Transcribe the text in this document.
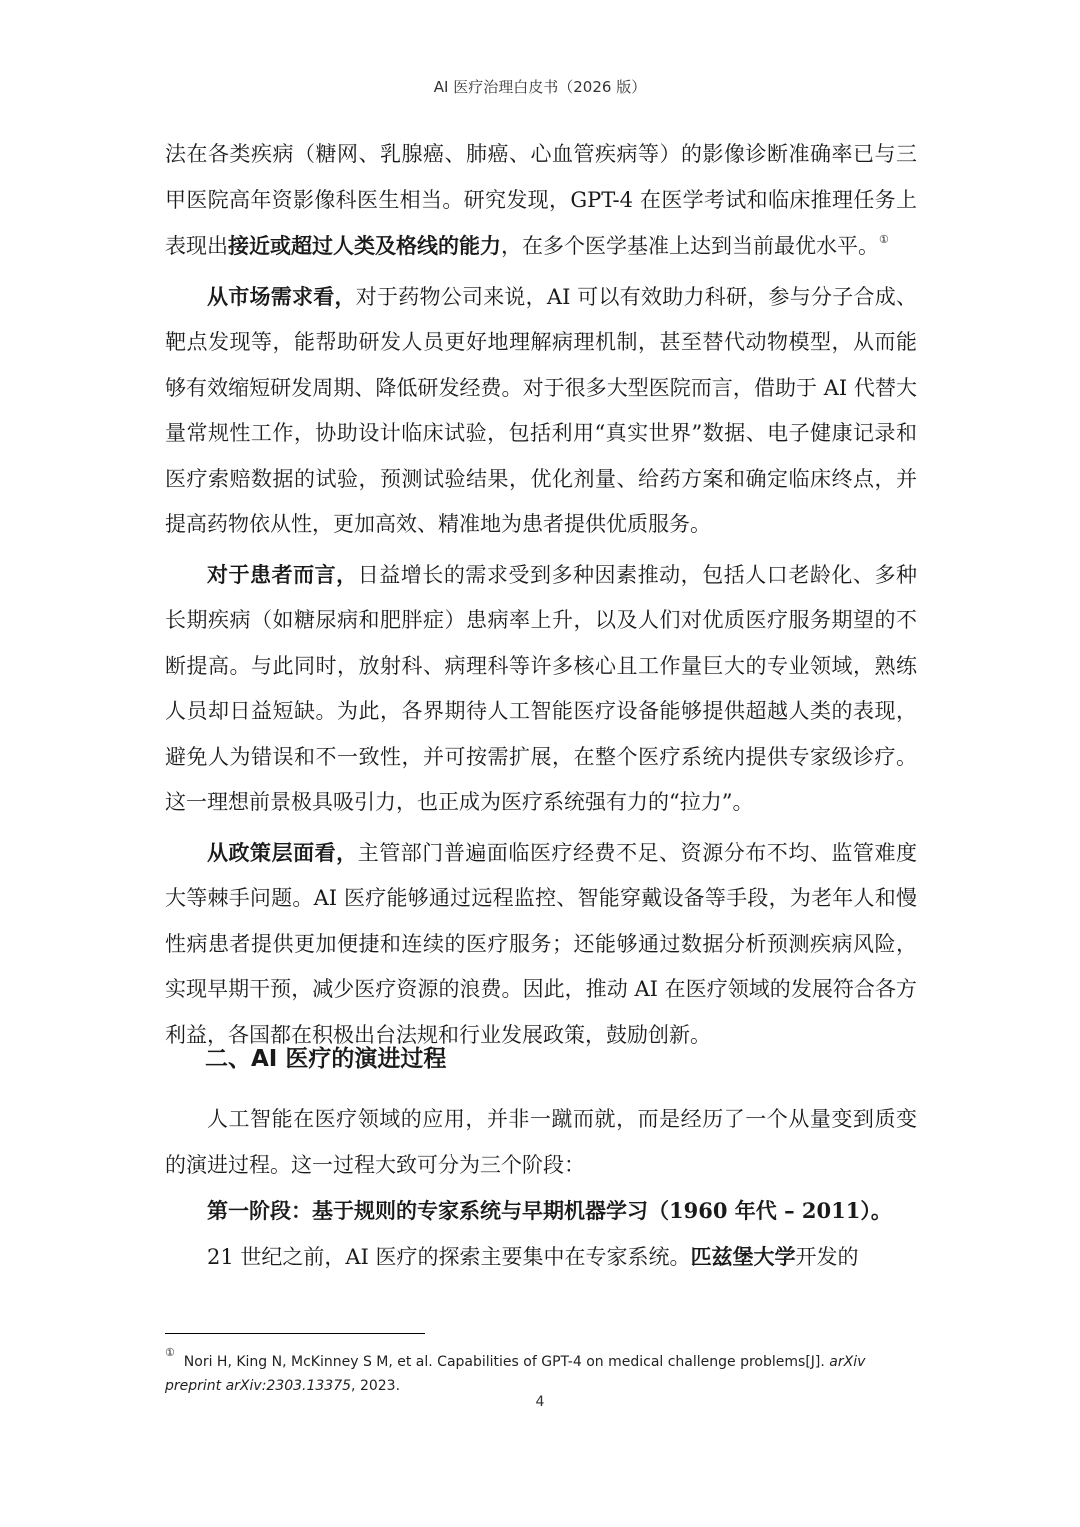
AI 医疗治理白皮书（2026 版）

法在各类疾病（糖网、乳腺癌、肺癌、心血管疾病等）的影像诊断准确率已与三甲医院高年资影像科医生相当。研究发现，GPT-4 在医学考试和临床推理任务上表现出接近或超过人类及格线的能力，在多个医学基准上达到当前最优水平。①

从市场需求看，对于药物公司来说，AI 可以有效助力科研，参与分子合成、靶点发现等，能帮助研发人员更好地理解病理机制，甚至替代动物模型，从而能够有效缩短研发周期、降低研发经费。对于很多大型医院而言，借助于 AI 代替大量常规性工作，协助设计临床试验，包括利用“真实世界”数据、电子健康记录和医疗索赔数据的试验，预测试验结果，优化剂量、给药方案和确定临床终点，并提高药物依从性，更加高效、精准地为患者提供优质服务。

对于患者而言，日益增长的需求受到多种因素推动，包括人口老龄化、多种长期疾病（如糖尿病和肥胖症）患病率上升，以及人们对优质医疗服务期望的不断提高。与此同时，放射科、病理科等许多核心且工作量巨大的专业领域，熟练人员却日益短缺。为此，各界期待人工智能医疗设备能够提供超越人类的表现，避免人为错误和不一致性，并可按需扩展，在整个医疗系统内提供专家级诊疗。这一理想前景极具吸引力，也正成为医疗系统强有力的“拉力”。

从政策层面看，主管部门普遍面临医疗经费不足、资源分布不均、监管难度大等棘手问题。AI 医疗能够通过远程监控、智能穿戴设备等手段，为老年人和慢性病患者提供更加便捷和连续的医疗服务；还能够通过数据分析预测疾病风险，实现早期干预，减少医疗资源的浪费。因此，推动 AI 在医疗领域的发展符合各方利益，各国都在积极出台法规和行业发展政策，鼓励创新。

二、AI 医疗的演进过程

人工智能在医疗领域的应用，并非一蹴而就，而是经历了一个从量变到质变的演进过程。这一过程大致可分为三个阶段：

第一阶段：基于规则的专家系统与早期机器学习（1960 年代 – 2011）。

21 世纪之前，AI 医疗的探索主要集中在专家系统。匹兹堡大学开发的

①  Nori H, King N, McKinney S M, et al. Capabilities of GPT-4 on medical challenge problems[J]. arXiv preprint arXiv:2303.13375, 2023.
4
